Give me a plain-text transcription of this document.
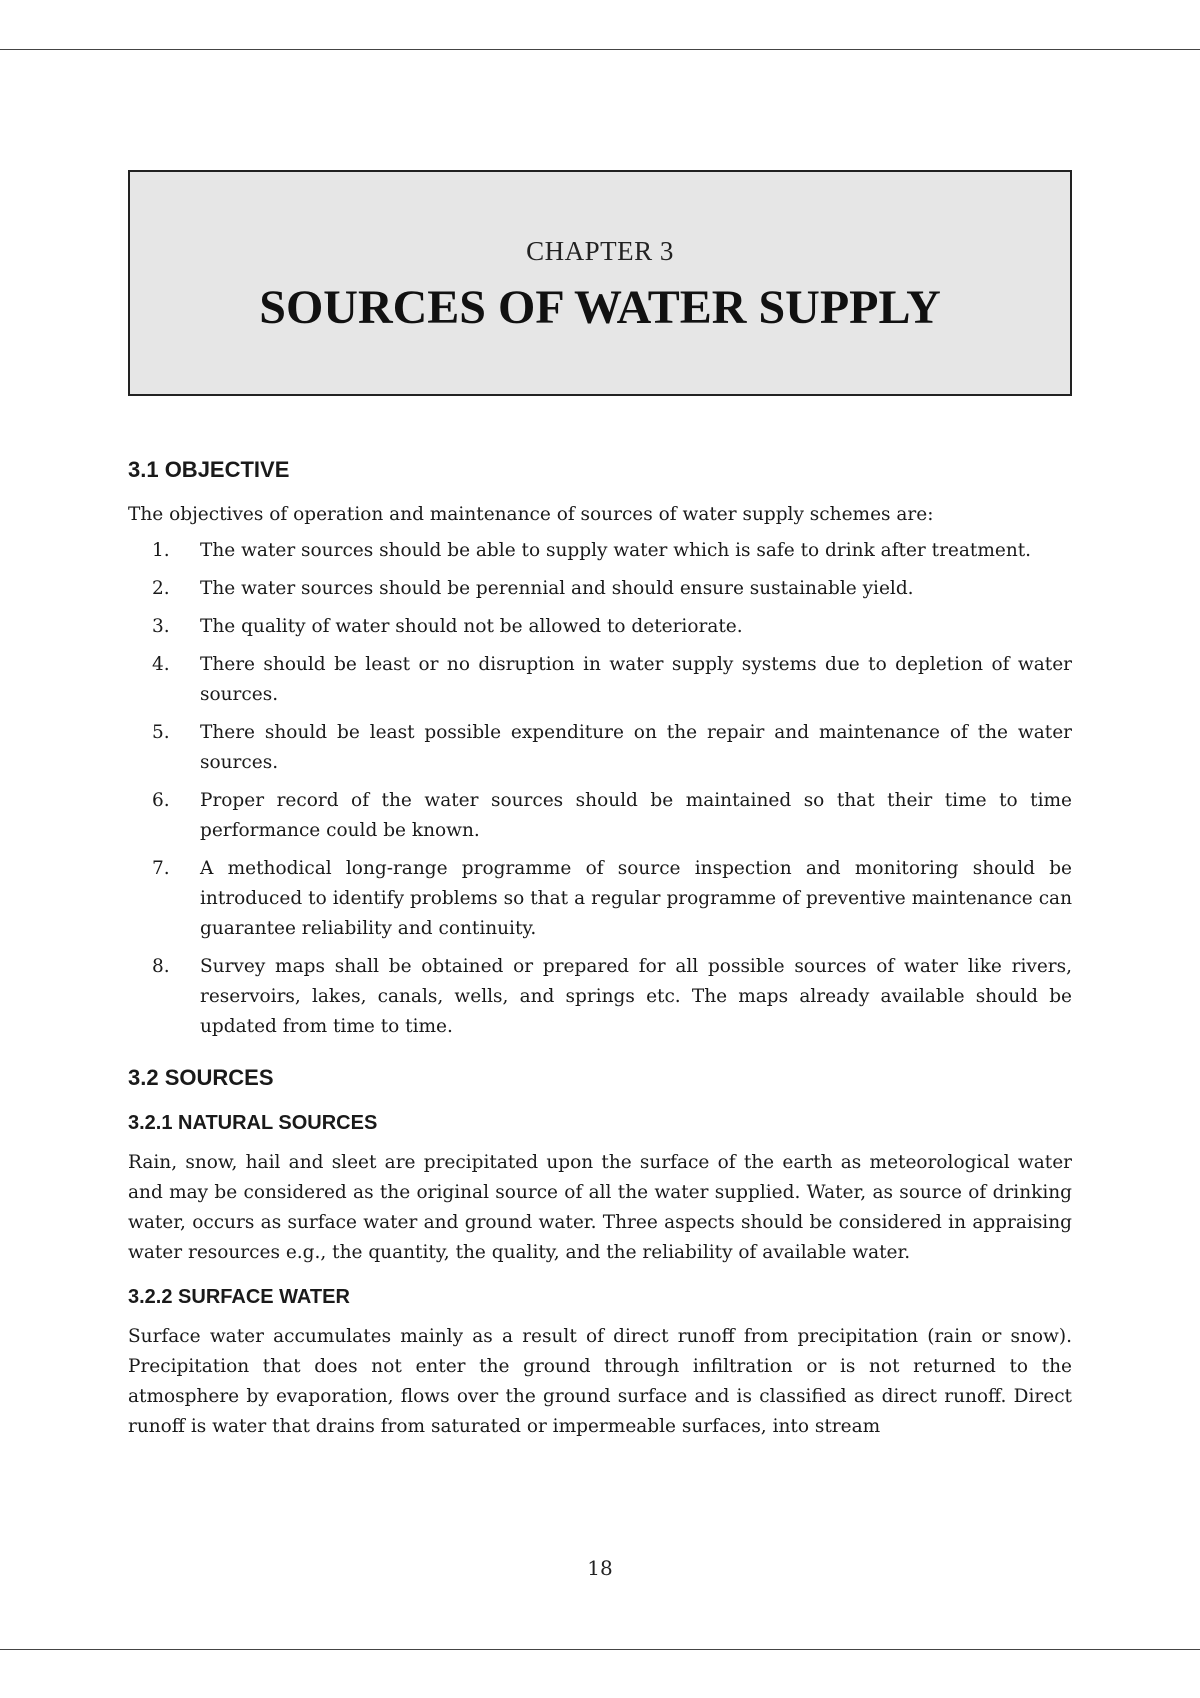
CHAPTER 3
SOURCES OF WATER SUPPLY
3.1 OBJECTIVE

The objectives of operation and maintenance of sources of water supply schemes are:

1. The water sources should be able to supply water which is safe to drink after treatment.
2. The water sources should be perennial and should ensure sustainable yield.
3. The quality of water should not be allowed to deteriorate.
4. There should be least or no disruption in water supply systems due to depletion of water sources.
5. There should be least possible expenditure on the repair and maintenance of the water sources.
6. Proper record of the water sources should be maintained so that their time to time performance could be known.
7. A methodical long-range programme of source inspection and monitoring should be introduced to identify problems so that a regular programme of preventive maintenance can guarantee reliability and continuity.
8. Survey maps shall be obtained or prepared for all possible sources of water like rivers, reservoirs, lakes, canals, wells, and springs etc. The maps already available should be updated from time to time.
3.2 SOURCES
3.2.1 NATURAL SOURCES

Rain, snow, hail and sleet are precipitated upon the surface of the earth as meteorological water and may be considered as the original source of all the water supplied. Water, as source of drinking water, occurs as surface water and ground water. Three aspects should be considered in appraising water resources e.g., the quantity, the quality, and the reliability of available water.

3.2.2 SURFACE WATER

Surface water accumulates mainly as a result of direct runoff from precipitation (rain or snow). Precipitation that does not enter the ground through infiltration or is not returned to the atmosphere by evaporation, flows over the ground surface and is classified as direct runoff. Direct runoff is water that drains from saturated or impermeable surfaces, into stream

18
